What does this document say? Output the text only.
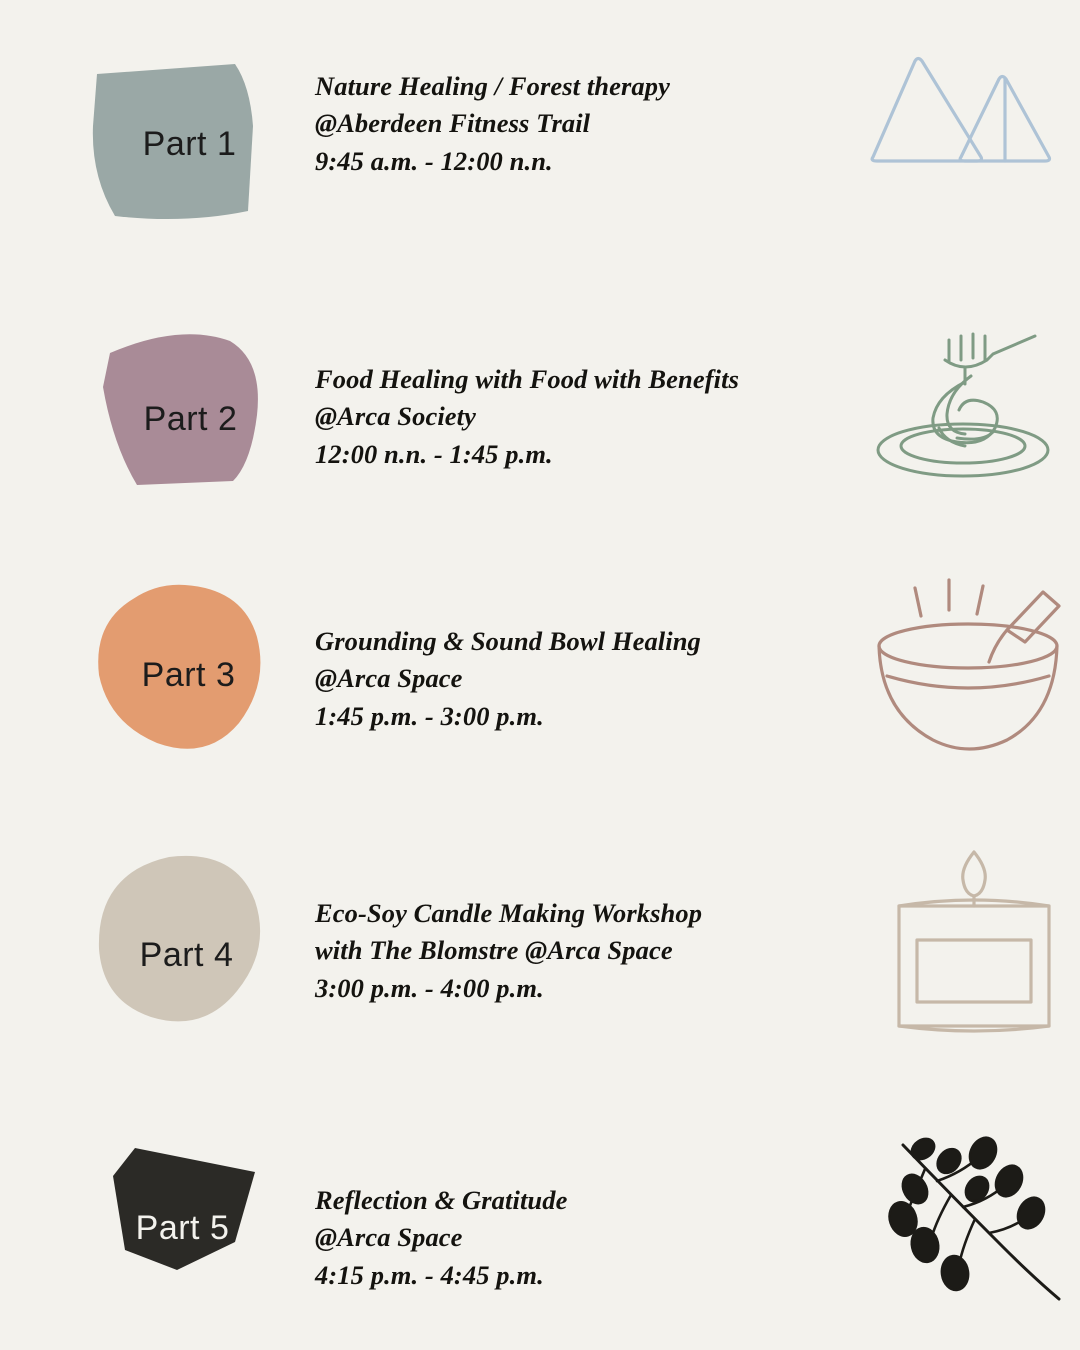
Part 1
Nature Healing / Forest therapy
@Aberdeen Fitness Trail
9:45 a.m. - 12:00 n.n.
Part 2
Food Healing with Food with Benefits
@Arca Society
12:00 n.n. - 1:45 p.m.
Part 3
Grounding & Sound Bowl Healing
@Arca Space
1:45 p.m. - 3:00 p.m.
Part 4
Eco-Soy Candle Making Workshop
with The Blomstre @Arca Space
3:00 p.m. - 4:00 p.m.
Part 5
Reflection & Gratitude
@Arca Space
4:15 p.m. - 4:45 p.m.
